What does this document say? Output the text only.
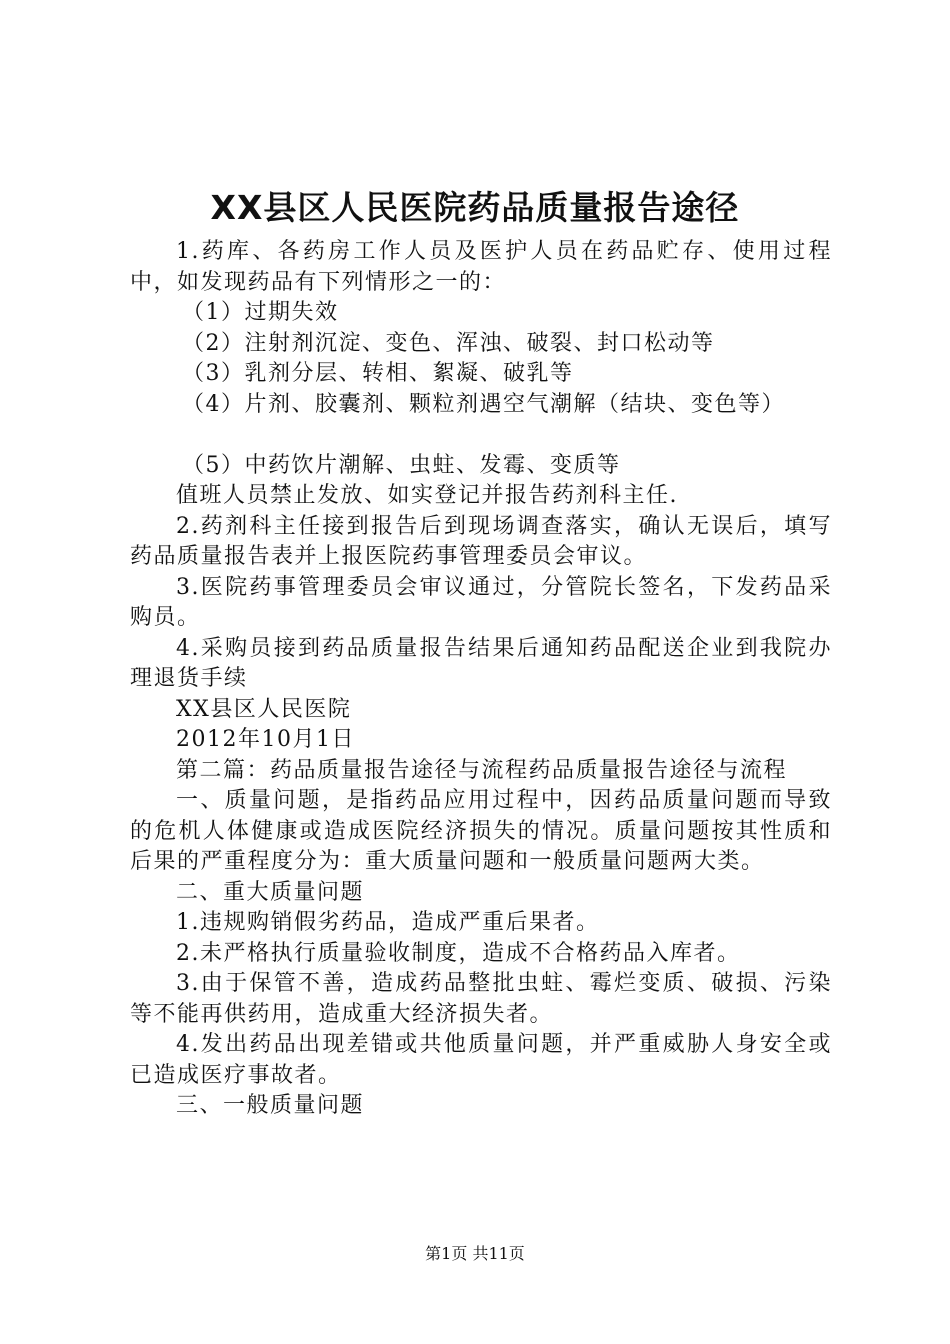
XX县区人民医院药品质量报告途径

1.药库、各药房工作人员及医护人员在药品贮存、使用过程中，如发现药品有下列情形之一的：

（1）过期失效

（2）注射剂沉淀、变色、浑浊、破裂、封口松动等

（3）乳剂分层、转相、絮凝、破乳等

（4）片剂、胶囊剂、颗粒剂遇空气潮解（结块、变色等）

（5）中药饮片潮解、虫蛀、发霉、变质等

值班人员禁止发放、如实登记并报告药剂科主任.

2.药剂科主任接到报告后到现场调查落实，确认无误后，填写药品质量报告表并上报医院药事管理委员会审议。

3.医院药事管理委员会审议通过，分管院长签名，下发药品采购员。

4.采购员接到药品质量报告结果后通知药品配送企业到我院办理退货手续

XX县区人民医院

2012年10月1日

第二篇：药品质量报告途径与流程药品质量报告途径与流程

一、质量问题，是指药品应用过程中，因药品质量问题而导致的危机人体健康或造成医院经济损失的情况。质量问题按其性质和后果的严重程度分为：重大质量问题和一般质量问题两大类。

二、重大质量问题

1.违规购销假劣药品，造成严重后果者。

2.未严格执行质量验收制度，造成不合格药品入库者。

3.由于保管不善，造成药品整批虫蛀、霉烂变质、破损、污染等不能再供药用，造成重大经济损失者。

4.发出药品出现差错或共他质量问题，并严重威胁人身安全或已造成医疗事故者。

三、一般质量问题

第1页 共11页
